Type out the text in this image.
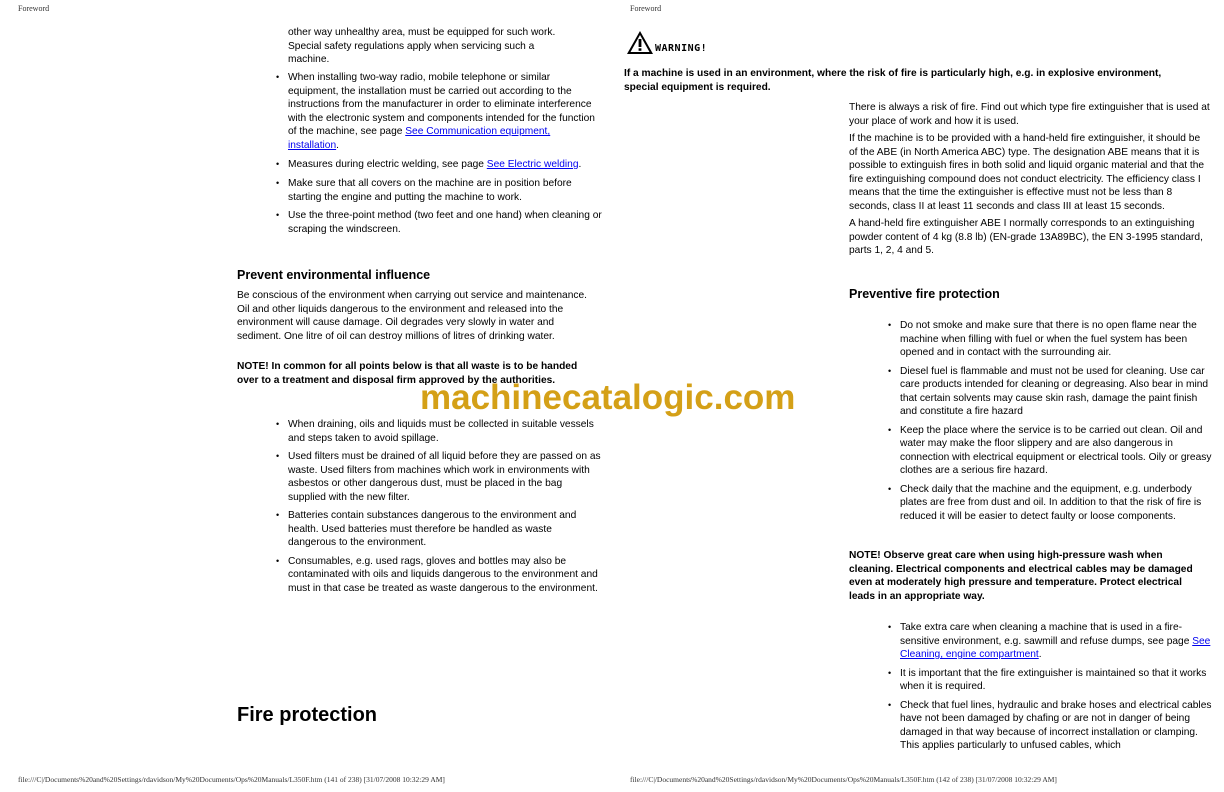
Foreword
other way unhealthy area, must be equipped for such work.
Special safety regulations apply when servicing such a
machine.
• When installing two-way radio, mobile telephone or similar equipment, the installation must be carried out according to the instructions from the manufacturer in order to eliminate interference with the electronic system and components intended for the function of the machine, see page See Communication equipment, installation.
• Measures during electric welding, see page See Electric welding.
• Make sure that all covers on the machine are in position before starting the engine and putting the machine to work.
• Use the three-point method (two feet and one hand) when cleaning or scraping the windscreen.
Prevent environmental influence
Be conscious of the environment when carrying out service and maintenance. Oil and other liquids dangerous to the environment and released into the environment will cause damage. Oil degrades very slowly in water and sediment. One litre of oil can destroy millions of litres of drinking water.
NOTE! In common for all points below is that all waste is to be handed over to a treatment and disposal firm approved by the authorities.
• When draining, oils and liquids must be collected in suitable vessels and steps taken to avoid spillage.
• Used filters must be drained of all liquid before they are passed on as waste. Used filters from machines which work in environments with asbestos or other dangerous dust, must be placed in the bag supplied with the new filter.
• Batteries contain substances dangerous to the environment and health. Used batteries must therefore be handled as waste dangerous to the environment.
• Consumables, e.g. used rags, gloves and bottles may also be contaminated with oils and liquids dangerous to the environment and must in that case be treated as waste dangerous to the environment.
Fire protection
file:///C|/Documents%20and%20Settings/rdavidson/My%20Documents/Ops%20Manuals/L350F.htm (141 of 238) [31/07/2008 10:32:29 AM]
Foreword
file:///C|/Documents%20and%20Settings/rdavidson/My%20Documents/Ops%20Manuals/L350F.htm (142 of 238) [31/07/2008 10:32:29 AM]
WARNING!
If a machine is used in an environment, where the risk of fire is particularly high, e.g. in explosive environment, special equipment is required.
There is always a risk of fire. Find out which type fire extinguisher that is used at your place of work and how it is used.
If the machine is to be provided with a hand-held fire extinguisher, it should be of the ABE (in North America ABC) type. The designation ABE means that it is possible to extinguish fires in both solid and liquid organic material and that the fire extinguishing compound does not conduct electricity. The efficiency class I means that the time the extinguisher is effective must not be less than 8 seconds, class II at least 11 seconds and class III at least 15 seconds.
A hand-held fire extinguisher ABE I normally corresponds to an extinguishing powder content of 4 kg (8.8 lb) (EN-grade 13A89BC), the EN 3-1995 standard, parts 1, 2, 4 and 5.
Preventive fire protection
• Do not smoke and make sure that there is no open flame near the machine when filling with fuel or when the fuel system has been opened and in contact with the surrounding air.
• Diesel fuel is flammable and must not be used for cleaning. Use car care products intended for cleaning or degreasing. Also bear in mind that certain solvents may cause skin rash, damage the paint finish and constitute a fire hazard
• Keep the place where the service is to be carried out clean. Oil and water may make the floor slippery and are also dangerous in connection with electrical equipment or electrical tools. Oily or greasy clothes are a serious fire hazard.
• Check daily that the machine and the equipment, e.g. underbody plates are free from dust and oil. In addition to that the risk of fire is reduced it will be easier to detect faulty or loose components.
NOTE! Observe great care when using high-pressure wash when cleaning. Electrical components and electrical cables may be damaged even at moderately high pressure and temperature. Protect electrical leads in an appropriate way.
• Take extra care when cleaning a machine that is used in a fire-sensitive environment, e.g. sawmill and refuse dumps, see page See Cleaning, engine compartment.
• It is important that the fire extinguisher is maintained so that it works when it is required.
• Check that fuel lines, hydraulic and brake hoses and electrical cables have not been damaged by chafing or are not in danger of being damaged in that way because of incorrect installation or clamping. This applies particularly to unfused cables, which
machinecatalogic.com
